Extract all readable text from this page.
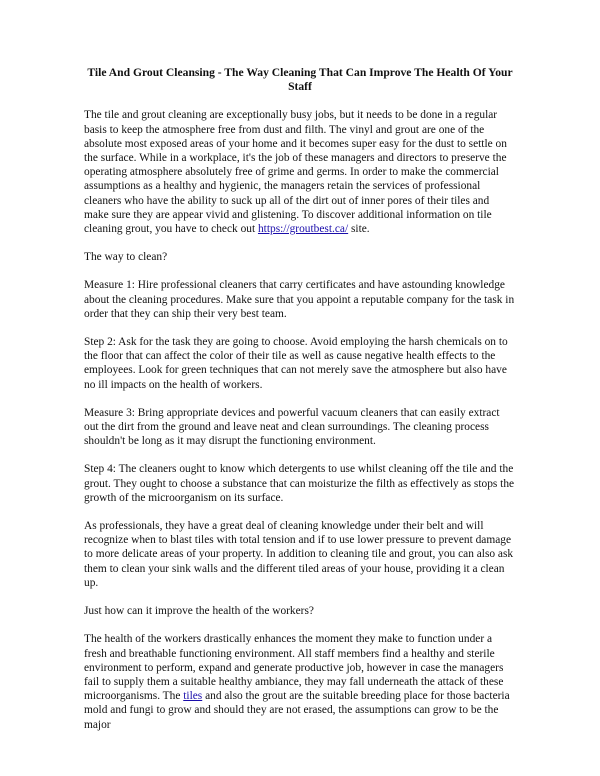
Tile And Grout Cleansing - The Way Cleaning That Can Improve The Health Of Your Staff

The tile and grout cleaning are exceptionally busy jobs, but it needs to be done in a regular basis to keep the atmosphere free from dust and filth. The vinyl and grout are one of the absolute most exposed areas of your home and it becomes super easy for the dust to settle on the surface. While in a workplace, it's the job of these managers and directors to preserve the operating atmosphere absolutely free of grime and germs. In order to make the commercial assumptions as a healthy and hygienic, the managers retain the services of professional cleaners who have the ability to suck up all of the dirt out of inner pores of their tiles and make sure they are appear vivid and glistening. To discover additional information on tile cleaning grout, you have to check out https://groutbest.ca/ site.

The way to clean?

Measure 1: Hire professional cleaners that carry certificates and have astounding knowledge about the cleaning procedures. Make sure that you appoint a reputable company for the task in order that they can ship their very best team.

Step 2: Ask for the task they are going to choose. Avoid employing the harsh chemicals on to the floor that can affect the color of their tile as well as cause negative health effects to the employees. Look for green techniques that can not merely save the atmosphere but also have no ill impacts on the health of workers.

Measure 3: Bring appropriate devices and powerful vacuum cleaners that can easily extract out the dirt from the ground and leave neat and clean surroundings. The cleaning process shouldn't be long as it may disrupt the functioning environment.

Step 4: The cleaners ought to know which detergents to use whilst cleaning off the tile and the grout. They ought to choose a substance that can moisturize the filth as effectively as stops the growth of the microorganism on its surface.

As professionals, they have a great deal of cleaning knowledge under their belt and will recognize when to blast tiles with total tension and if to use lower pressure to prevent damage to more delicate areas of your property. In addition to cleaning tile and grout, you can also ask them to clean your sink walls and the different tiled areas of your house, providing it a clean up.

Just how can it improve the health of the workers?

The health of the workers drastically enhances the moment they make to function under a fresh and breathable functioning environment. All staff members find a healthy and sterile environment to perform, expand and generate productive job, however in case the managers fail to supply them a suitable healthy ambiance, they may fall underneath the attack of these microorganisms. The tiles and also the grout are the suitable breeding place for those bacteria mold and fungi to grow and should they are not erased, the assumptions can grow to be the major
